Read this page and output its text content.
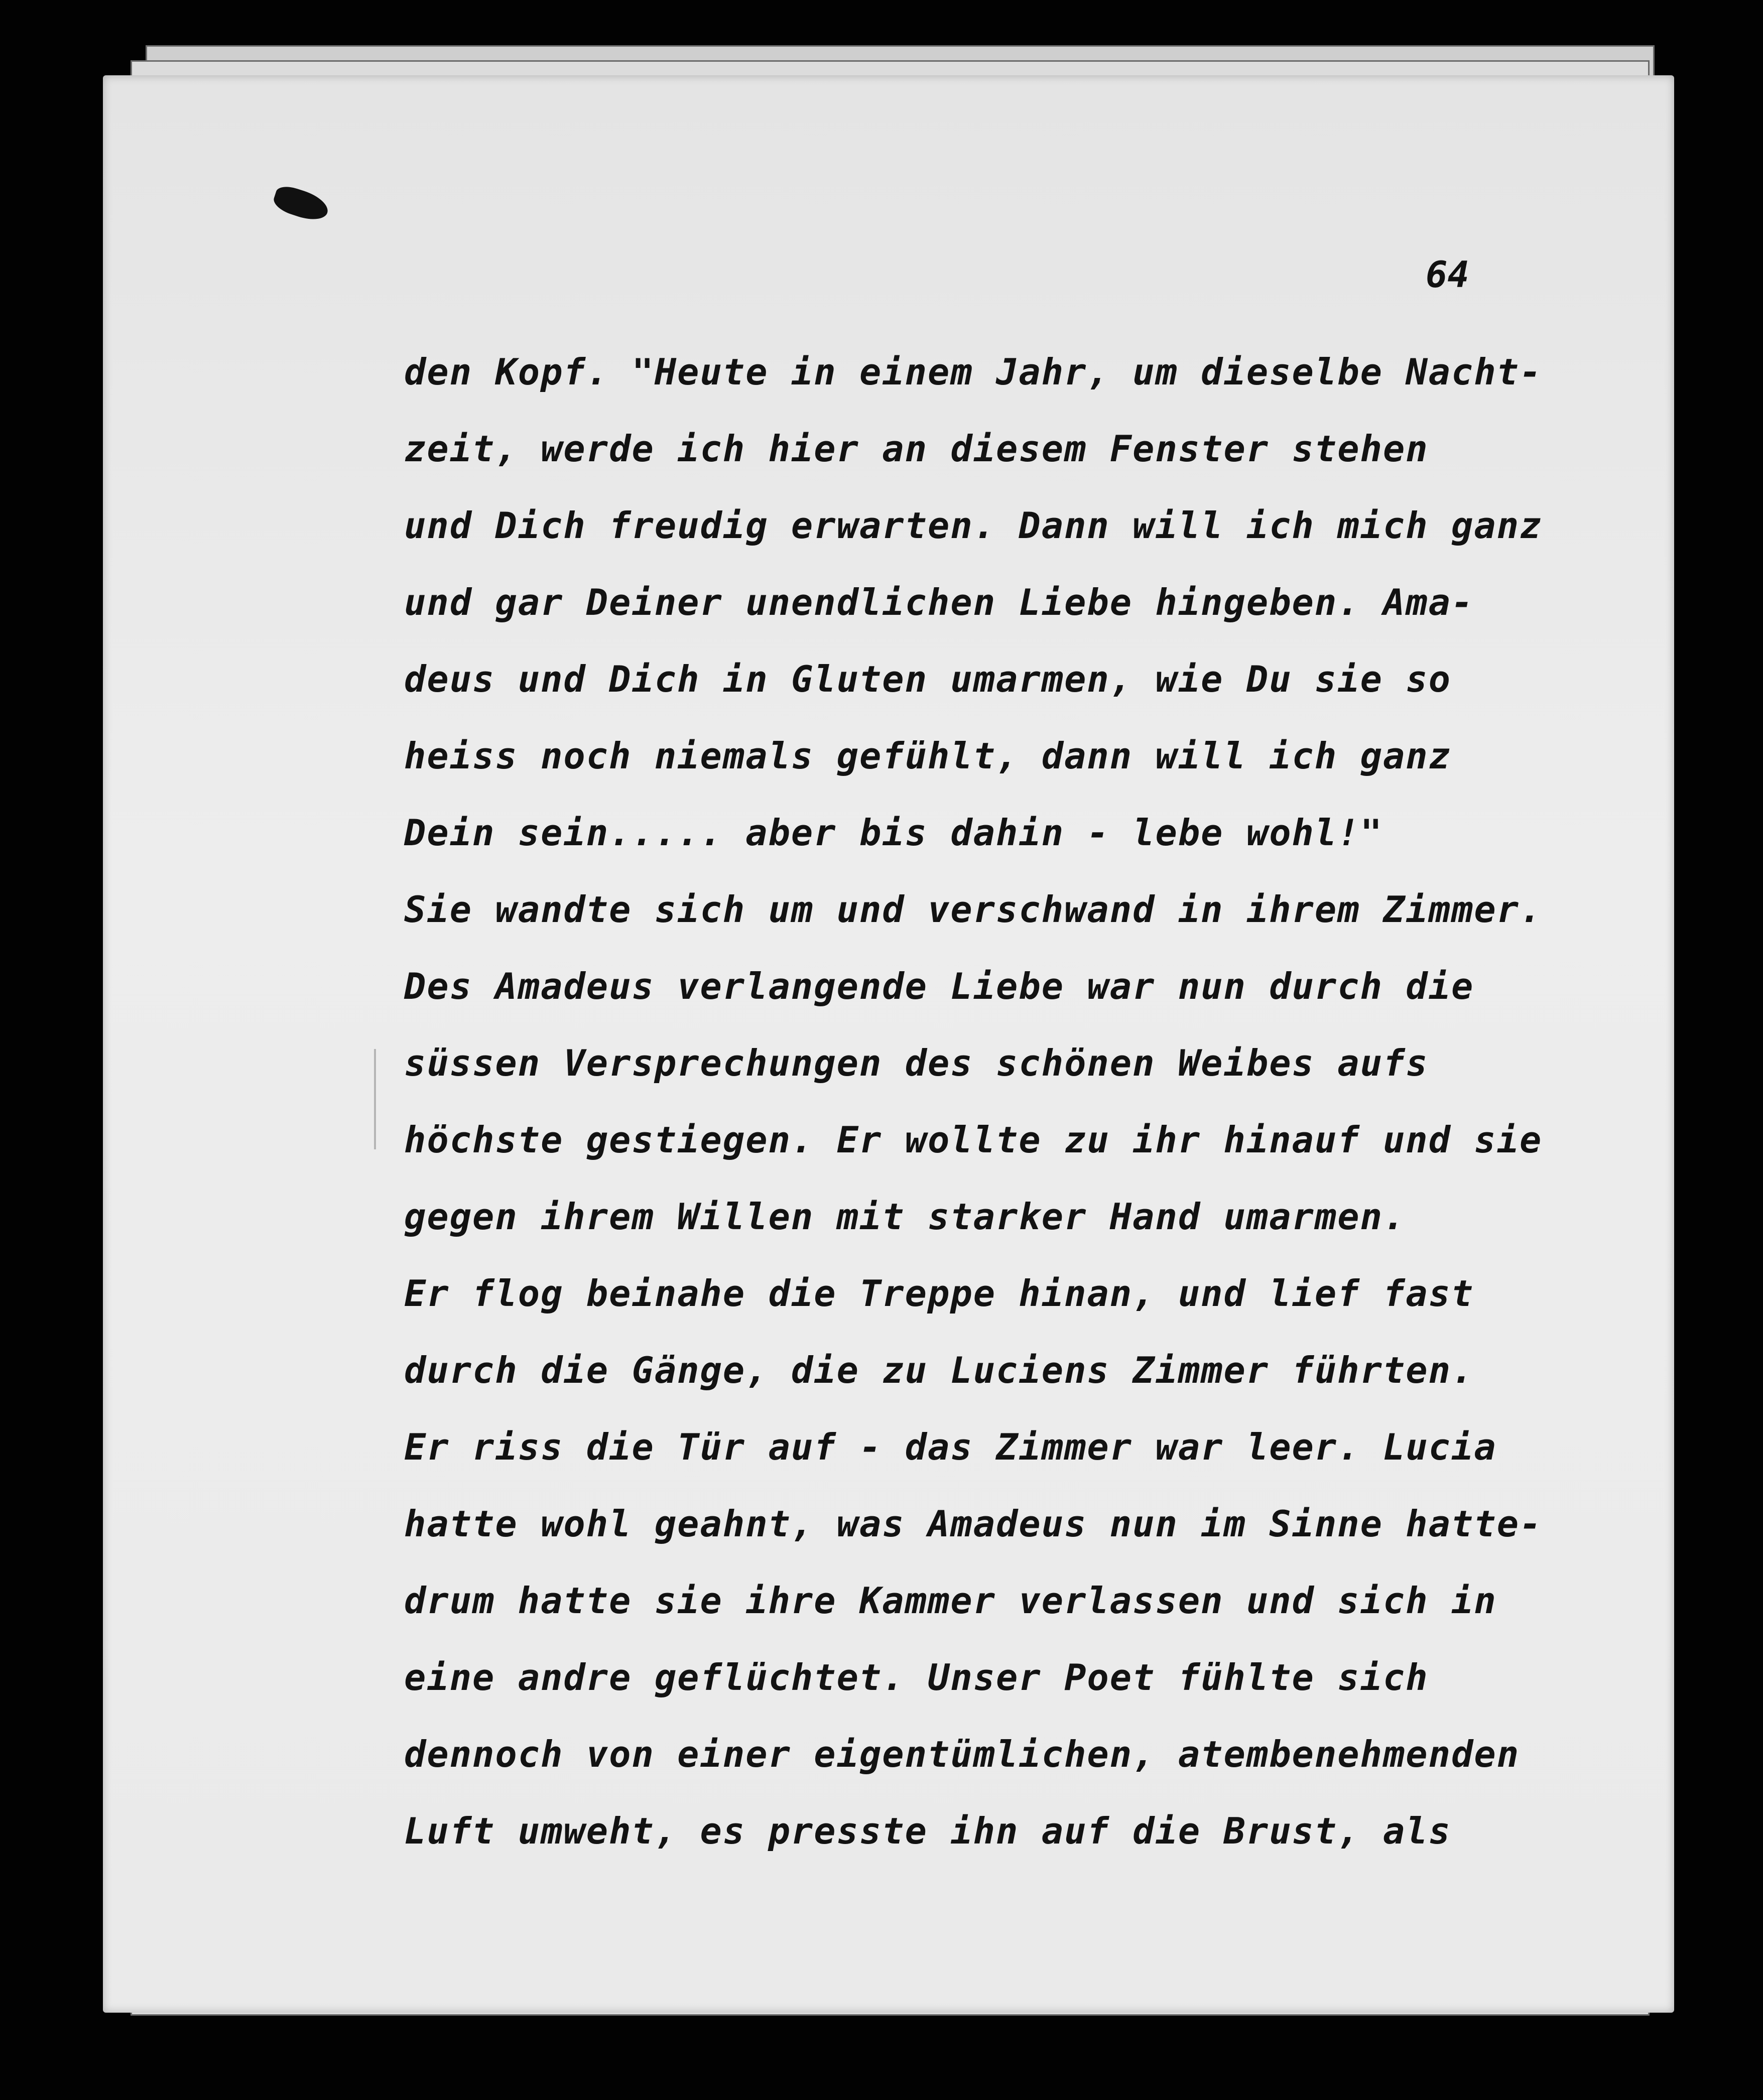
64
den Kopf. "Heute in einem Jahr, um dieselbe Nacht-
zeit, werde ich hier an diesem Fenster stehen
und Dich freudig erwarten. Dann will ich mich ganz
und gar Deiner unendlichen Liebe hingeben. Ama-
deus und Dich in Gluten umarmen, wie Du sie so
heiss noch niemals gefühlt, dann will ich ganz
Dein sein..... aber bis dahin - lebe wohl!"
Sie wandte sich um und verschwand in ihrem Zimmer.
Des Amadeus verlangende Liebe war nun durch die
süssen Versprechungen des schönen Weibes aufs
höchste gestiegen. Er wollte zu ihr hinauf und sie
gegen ihrem Willen mit starker Hand umarmen.
Er flog beinahe die Treppe hinan, und lief fast
durch die Gänge, die zu Luciens Zimmer führten.
Er riss die Tür auf - das Zimmer war leer. Lucia
hatte wohl geahnt, was Amadeus nun im Sinne hatte-
drum hatte sie ihre Kammer verlassen und sich in
eine andre geflüchtet. Unser Poet fühlte sich
dennoch von einer eigentümlichen, atembenehmenden
Luft umweht, es presste ihn auf die Brust, als
